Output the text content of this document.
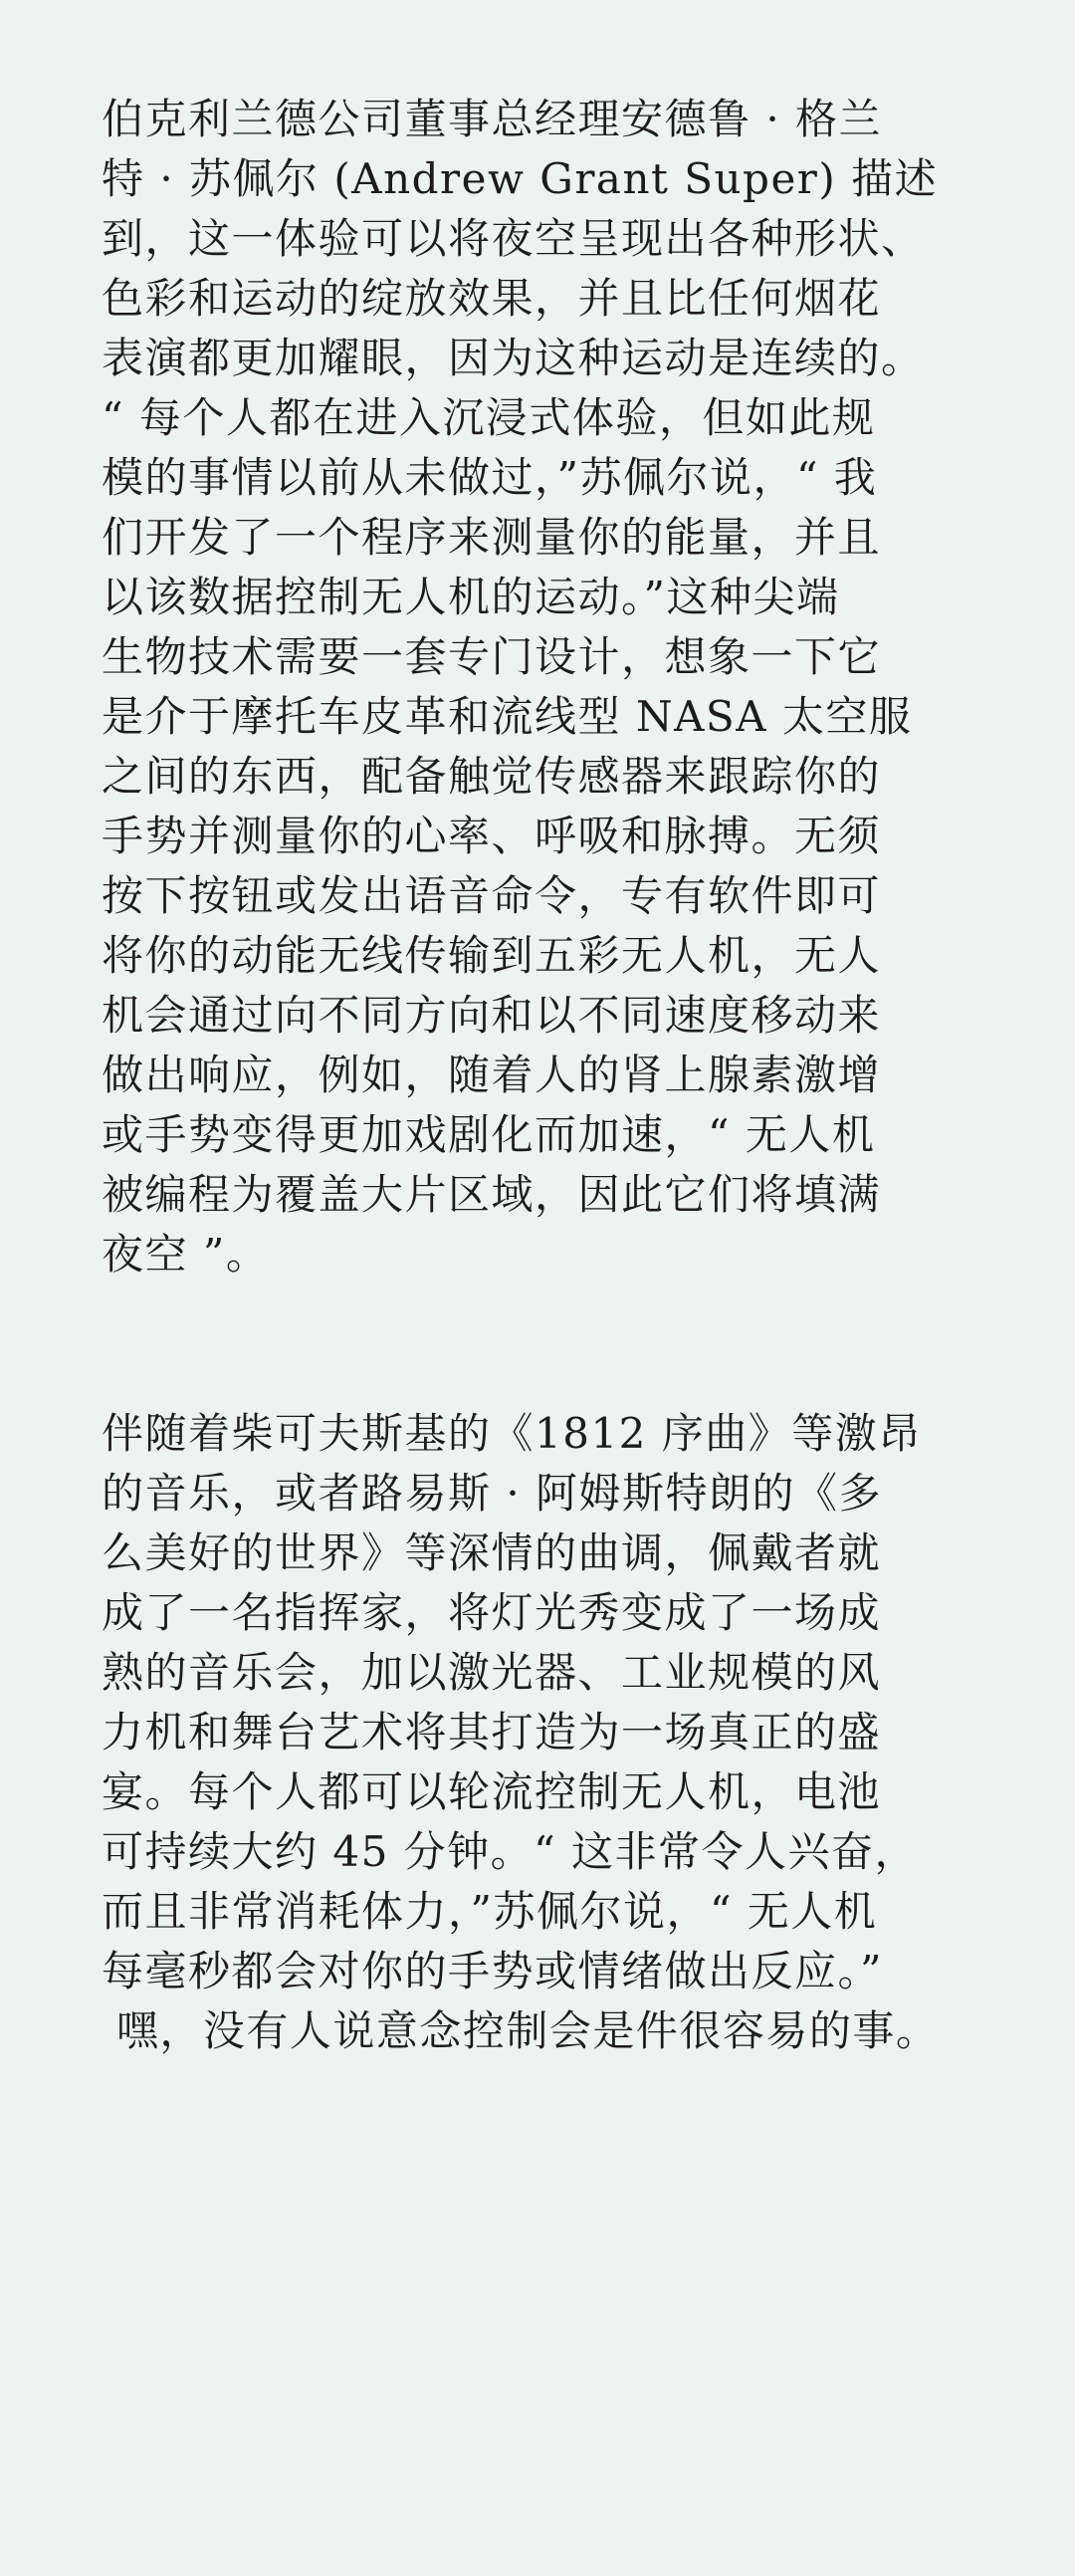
伯克利兰德公司董事总经理安德鲁 · 格兰
特 · 苏佩尔 (Andrew Grant Super) 描述
到，这一体验可以将夜空呈现出各种形状、
色彩和运动的绽放效果，并且比任何烟花
表演都更加耀眼，因为这种运动是连续的。
“ 每个人都在进入沉浸式体验，但如此规
模的事情以前从未做过，”苏佩尔说，“ 我
们开发了一个程序来测量你的能量，并且
以该数据控制无人机的运动。”这种尖端
生物技术需要一套专门设计，想象一下它
是介于摩托车皮革和流线型 NASA 太空服
之间的东西，配备触觉传感器来跟踪你的
手势并测量你的心率、呼吸和脉搏。无须
按下按钮或发出语音命令，专有软件即可
将你的动能无线传输到五彩无人机，无人
机会通过向不同方向和以不同速度移动来
做出响应，例如，随着人的肾上腺素激增
或手势变得更加戏剧化而加速，“ 无人机
被编程为覆盖大片区域，因此它们将填满
夜空 ”。

伴随着柴可夫斯基的《1812 序曲》等激昂
的音乐，或者路易斯 · 阿姆斯特朗的《多
么美好的世界》等深情的曲调，佩戴者就
成了一名指挥家，将灯光秀变成了一场成
熟的音乐会，加以激光器、工业规模的风
力机和舞台艺术将其打造为一场真正的盛
宴。每个人都可以轮流控制无人机，电池
可持续大约 45 分钟。“ 这非常令人兴奋，
而且非常消耗体力，”苏佩尔说，“ 无人机
每毫秒都会对你的手势或情绪做出反应。”
嘿，没有人说意念控制会是件很容易的事。
